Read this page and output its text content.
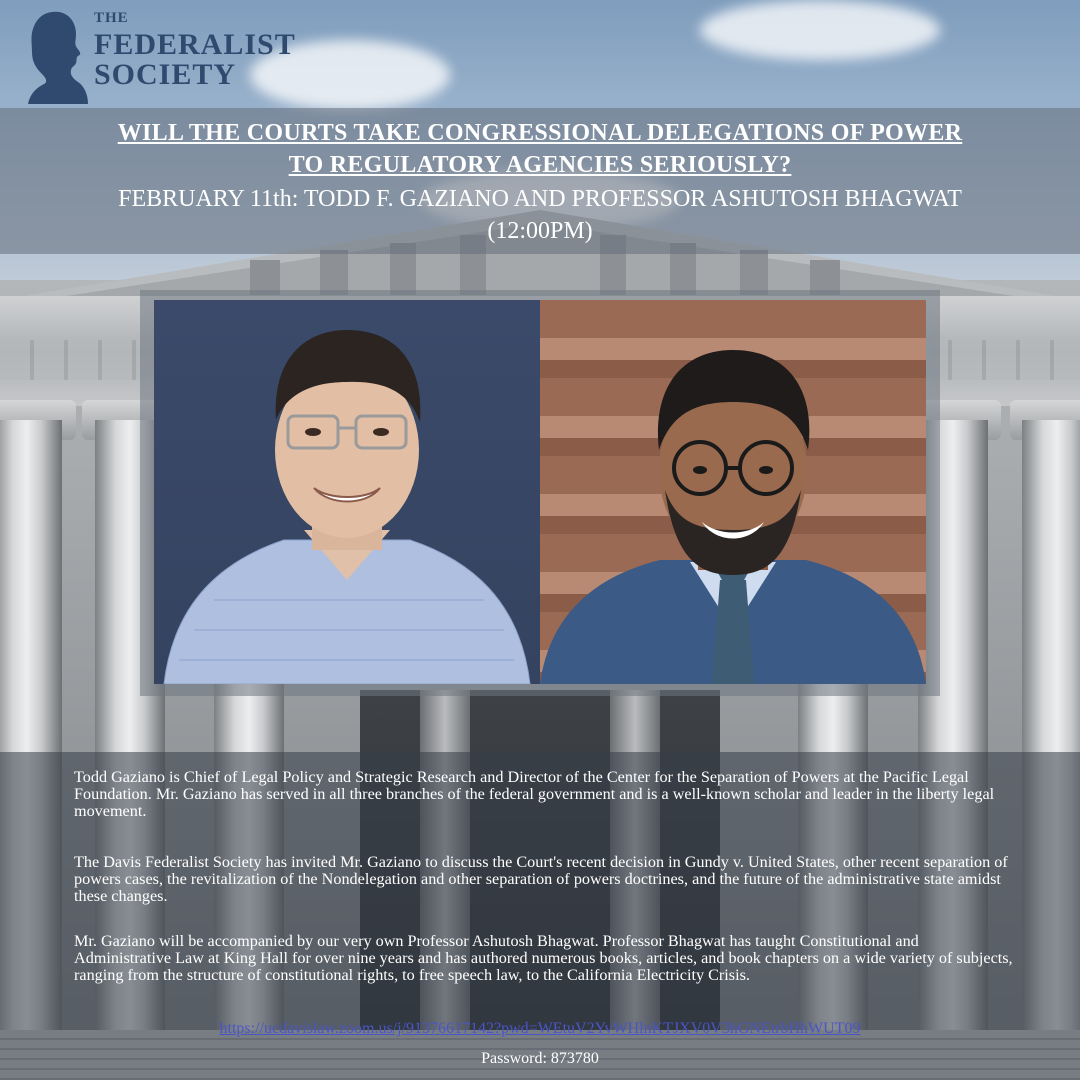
THE
FEDERALIST
SOCIETY
WILL THE COURTS TAKE CONGRESSIONAL DELEGATIONS OF POWER
TO REGULATORY AGENCIES SERIOUSLY?
FEBRUARY 11th: TODD F. GAZIANO AND PROFESSOR ASHUTOSH BHAGWAT
(12:00PM)

Todd Gaziano is Chief of Legal Policy and Strategic Research and Director of the Center for the Separation of Powers at the Pacific Legal Foundation. Mr. Gaziano has served in all three branches of the federal government and is a well-known scholar and leader in the liberty legal movement.

The Davis Federalist Society has invited Mr. Gaziano to discuss the Court's recent decision in Gundy v. United States, other recent separation of powers cases, the revitalization of the Nondelegation and other separation of powers doctrines, and the future of the administrative state amidst these changes.

Mr. Gaziano will be accompanied by our very own Professor Ashutosh Bhagwat. Professor Bhagwat has taught Constitutional and Administrative Law at King Hall for over nine years and has authored numerous books, articles, and book chapters on a wide variety of subjects, ranging from the structure of constitutional rights, to free speech law, to the California Electricity Crisis.

https://ucdavislaw.zoom.us/j/91376617142?pwd=WEtuV2YvWHlnKTJXV0V3hGNEtrbHhWUT09
Password: 873780
